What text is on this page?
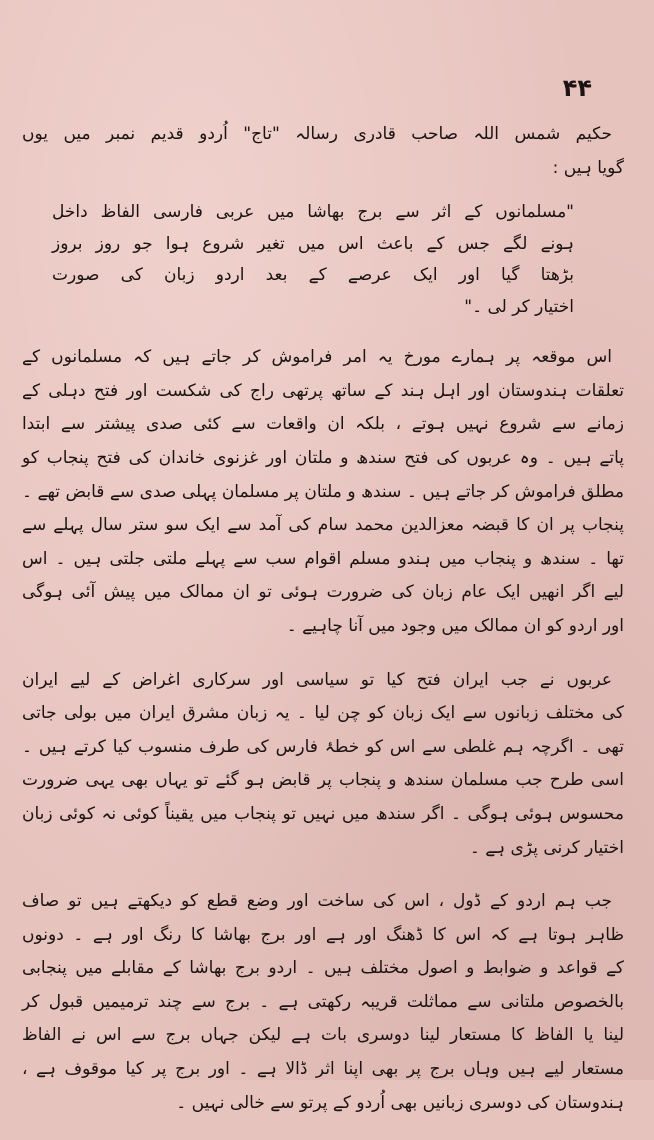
۴۴

حکیم شمس اللہ صاحب قادری رسالہ "تاج" اُردو قدیم نمبر میں یوں
گویا ہیں :

"مسلمانوں کے اثر سے برج بھاشا میں عربی فارسی الفاظ داخل
ہونے لگے جس کے باعث اس میں تغیر شروع ہوا جو روز بروز
بڑھتا گیا اور ایک عرصے کے بعد اردو زبان کی صورت
اختیار کر لی ۔"

اس موقعہ پر ہمارے مورخ یہ امر فراموش کر جاتے ہیں کہ مسلمانوں کے
تعلقات ہندوستان اور اہل ہند کے ساتھ پرتھی راج کی شکست اور فتح دہلی کے
زمانے سے شروع نہیں ہوتے ، بلکہ ان واقعات سے کئی صدی پیشتر سے ابتدا
پاتے ہیں ۔ وہ عربوں کی فتح سندھ و ملتان اور غزنوی خاندان کی فتح پنجاب کو
مطلق فراموش کر جاتے ہیں ۔ سندھ و ملتان پر مسلمان پہلی صدی سے قابض تھے ۔
پنجاب پر ان کا قبضہ معزالدین محمد سام کی آمد سے ایک سو ستر سال پہلے سے
تھا ۔ سندھ و پنجاب میں ہندو مسلم اقوام سب سے پہلے ملتی جلتی ہیں ۔ اس
لیے اگر انھیں ایک عام زبان کی ضرورت ہوئی تو ان ممالک میں پیش آئی ہوگی
اور اردو کو ان ممالک میں وجود میں آنا چاہیے ۔

عربوں نے جب ایران فتح کیا تو سیاسی اور سرکاری اغراض کے لیے ایران
کی مختلف زبانوں سے ایک زبان کو چن لیا ۔ یہ زبان مشرق ایران میں بولی جاتی
تھی ۔ اگرچہ ہم غلطی سے اس کو خطۂ فارس کی طرف منسوب کیا کرتے ہیں ۔
اسی طرح جب مسلمان سندھ و پنجاب پر قابض ہو گئے تو یہاں بھی یہی ضرورت
محسوس ہوئی ہوگی ۔ اگر سندھ میں نہیں تو پنجاب میں یقیناً کوئی نہ کوئی زبان
اختیار کرنی پڑی ہے ۔

جب ہم اردو کے ڈول ، اس کی ساخت اور وضع قطع کو دیکھتے ہیں تو صاف
ظاہر ہوتا ہے کہ اس کا ڈھنگ اور ہے اور برج بھاشا کا رنگ اور ہے ۔ دونوں
کے قواعد و ضوابط و اصول مختلف ہیں ۔ اردو برج بھاشا کے مقابلے میں پنجابی
بالخصوص ملتانی سے مماثلت قریبہ رکھتی ہے ۔ برج سے چند ترمیمیں قبول کر
لینا یا الفاظ کا مستعار لینا دوسری بات ہے لیکن جہاں برج سے اس نے الفاظ
مستعار لیے ہیں وہاں برج پر بھی اپنا اثر ڈالا ہے ۔ اور برج پر کیا موقوف ہے ،
ہندوستان کی دوسری زبانیں بھی اُردو کے پرتو سے خالی نہیں ۔
